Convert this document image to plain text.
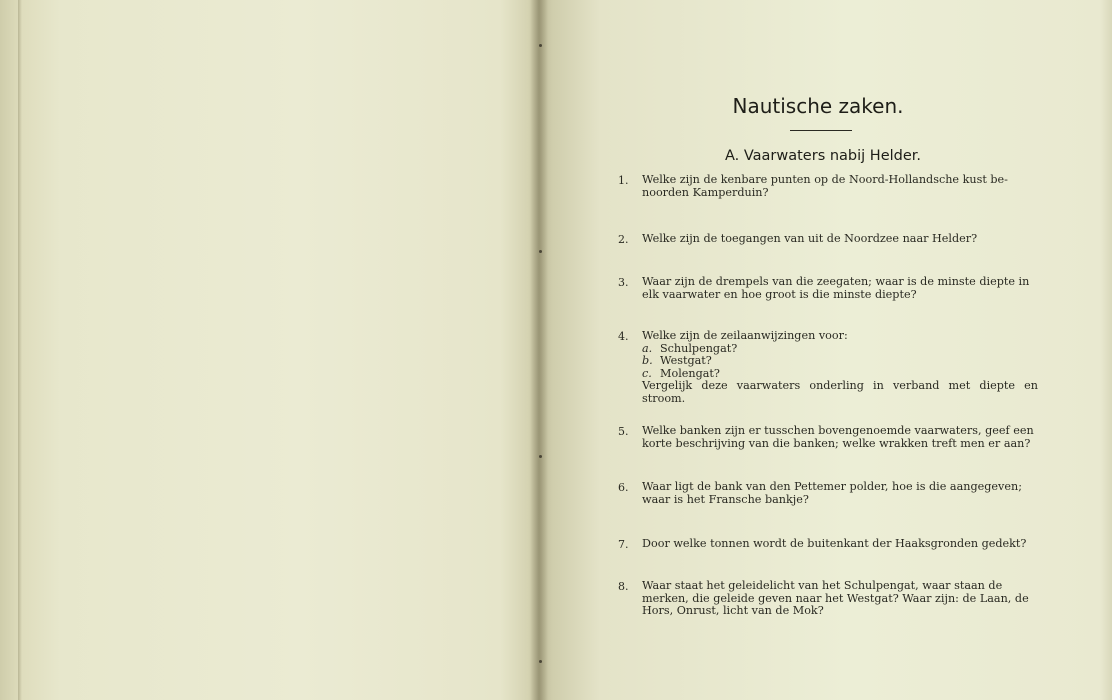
Nautische zaken.
A. Vaarwaters nabij Helder.
1. Welke zijn de kenbare punten op de Noord-Hollandsche kust be-

noorden Kamperduin?

2. Welke zijn de toegangen van uit de Noordzee naar Helder?

3. Waar zijn de drempels van die zeegaten; waar is de minste diepte in

elk vaarwater en hoe groot is die minste diepte?

4. Welke zijn de zeilaanwijzingen voor:

a. Schulpengat?

b. Westgat?

c. Molengat?

Vergelijk deze vaarwaters onderling in verband met diepte en stroom.

5. Welke banken zijn er tusschen bovengenoemde vaarwaters, geef een

korte beschrijving van die banken; welke wrakken treft men er aan?

6. Waar ligt de bank van den Pettemer polder, hoe is die aangegeven;

waar is het Fransche bankje?

7. Door welke tonnen wordt de buitenkant der Haaksgronden gedekt?

8. Waar staat het geleidelicht van het Schulpengat, waar staan de

merken, die geleide geven naar het Westgat? Waar zijn: de Laan, de

Hors, Onrust, licht van de Mok?
